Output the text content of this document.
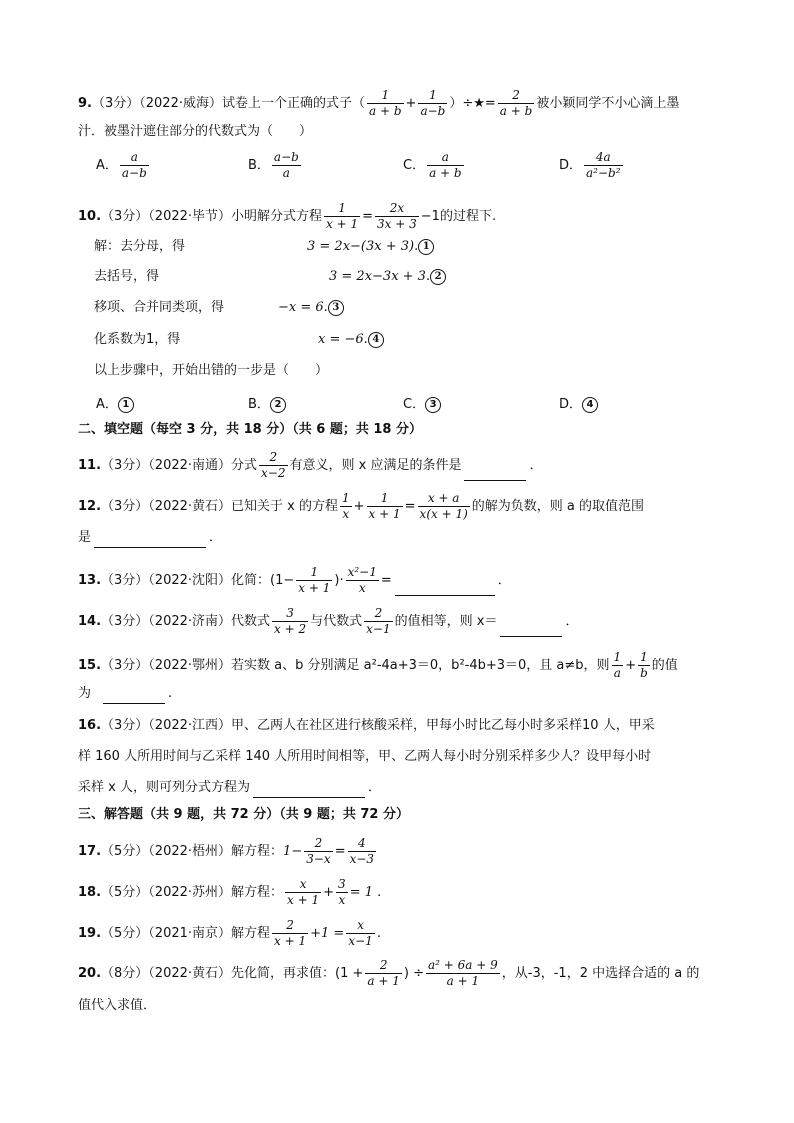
9.（3分）（2022·威海）试卷上一个正确的式子（ $\frac{1}{a + b} + \frac{1}{a-b}$ ）÷★= $\frac{2}{a + b}$ 被小颖同学不小心滴上墨
汁．被墨汁遮住部分的代数式为（　　）
A． $\frac{a}{a-b}$	B． $\frac{a-b}{a}$	C． $\frac{a}{a + b}$	D． $\frac{4a}{\text{a²−b²}}$
10.（3分）（2022·毕节）小明解分式方程 $\frac{1}{x + 1} = \frac{2x}{3x + 3} -1$的过程下.
解：去分母，得	3 = 2x−(3x + 3). 1
去括号，得	3 = 2x−3x + 3. 2
移项、合并同类项，得	−x = 6. 3
化系数为1，得	x = −6. 4
以上步骤中，开始出错的一步是（　　）
A． 1	B． 2	C． 3	D． 4
二、填空题（每空 3 分，共 18 分）（共 6 题；共 18 分）
11.（3分）（2022·南通）分式 $\frac{2}{x-2}$ 有意义，则 x 应满足的条件是	．
12.（3分）（2022·黄石）已知关于 x 的方程 $\frac{1}{x} + \frac{1}{x + 1} = \frac{x + a}{x(x + 1)}$ 的解为负数，则 a 的取值范围
是	．
13.（3分）（2022·沈阳）化简：($1- \frac{1}{x + 1}$ )· $\frac{\text{x²−1}}{x}$ =	．
14.（3分）（2022·济南）代数式 $\frac{3}{x + 2}$ 与代数式 $\frac{2}{x-1}$ 的值相等，则 x＝	．
15.（3分）（2022·鄂州）若实数 a、b 分别满足 a²-4a+3＝0，b²-4b+3＝0，且 a≠b，则 $\frac{1}{a} + \frac{1}{b}$ 的值
为	.
16.（3分）（2022·江西）甲、乙两人在社区进行核酸采样，甲每小时比乙每小时多采样10 人，甲采
样 160 人所用时间与乙采样 140 人所用时间相等，甲、乙两人每小时分别采样多少人？设甲每小时
采样 x 人，则可列分式方程为	．
三、解答题（共 9 题，共 72 分）（共 9 题；共 72 分）
17.（5分）（2022·梧州）解方程：$1- \frac{2}{3-x} = \frac{4}{x-3}$
18.（5分）（2022·苏州）解方程： $\frac{x}{x + 1} + \frac{3}{x} = 1$ .
19.（5分）（2021·南京）解方程 $\frac{2}{x + 1} +1 = \frac{x}{x-1}$ .
20.（8分）（2022·黄石）先化简，再求值：($1 + \frac{2}{a + 1}$ ) ÷ $\frac{\text{a² + 6a + 9}}{a + 1}$ ，从-3，-1，2 中选择合适的 a 的
值代入求值．
